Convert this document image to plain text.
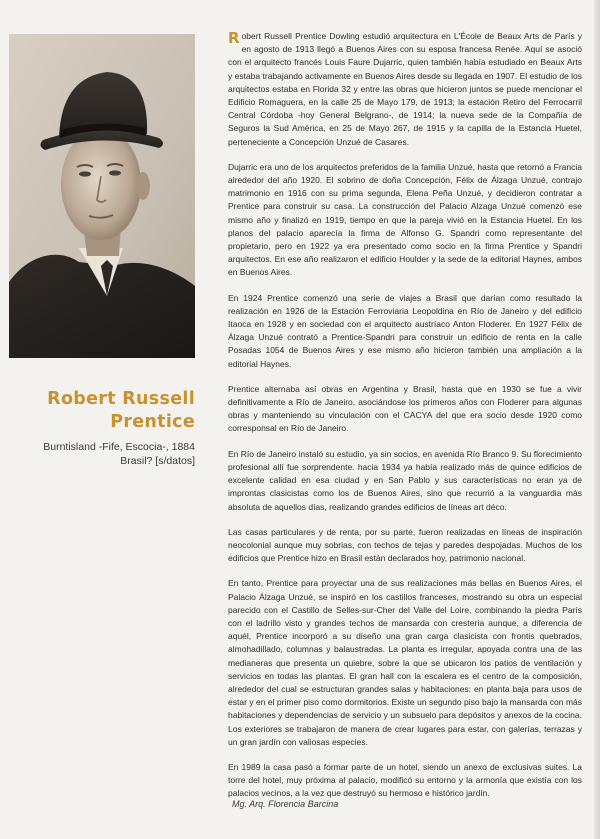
Robert Russell
Prentice
Burntisland -Fife, Escocia-, 1884
Brasil? [s/datos]

Robert Russell Prentice Dowling estudió arquitectura en L'École de Beaux Arts de París y en agosto de 1913 llegó a Buenos Aires con su esposa francesa Renée. Aquí se asoció con el arquitecto francés Louis Faure Dujarric, quien también había estudiado en Beaux Arts y estaba trabajando activamente en Buenos Aires desde su llegada en 1907. El estudio de los arquitectos estaba en Florida 32 y entre las obras que hicieron juntos se puede mencionar el Edificio Romaguera, en la calle 25 de Mayo 179, de 1913; la estación Retiro del Ferrocarril Central Córdoba -hoy General Belgrano-, de 1914; la nueva sede de la Compañía de Seguros la Sud América, en 25 de Mayo 267, de 1915 y la capilla de la Estancia Huetel, perteneciente a Concepción Unzué de Casares.

Dujarric era uno de los arquitectos preferidos de la familia Unzué, hasta que retornó a Francia alrededor del año 1920. El sobrino de doña Concepción, Félix de Álzaga Unzué, contrajo matrimonio en 1916 con su prima segunda, Elena Peña Unzué, y decidieron contratar a Prentice para construir su casa. La construcción del Palacio Alzaga Unzué comenzó ese mismo año y finalizó en 1919, tiempo en que la pareja vivió en la Estancia Huetel. En los planos del palacio aparecía la firma de Alfonso G. Spandri como representante del propietario, pero en 1922 ya era presentado como socio en la firma Prentice y Spandri arquitectos. En ese año realizaron el edificio Houlder y la sede de la editorial Haynes, ambos en Buenos Aires.

En 1924 Prentice comenzó una serie de viajes a Brasil que darían como resultado la realización en 1926 de la Estación Ferroviaria Leopoldina en Río de Janeiro y del edificio Itaoca en 1928 y en sociedad con el arquitecto austríaco Anton Floderer. En 1927 Félix de Álzaga Unzué contrató a Prentice-Spandri para construir un edificio de renta en la calle Posadas 1054 de Buenos Aires y ese mismo año hicieron también una ampliación a la editorial Haynes.

Prentice alternaba así obras en Argentina y Brasil, hasta que en 1930 se fue a vivir definitivamente a Río de Janeiro, asociándose los primeros años con Floderer para algunas obras y manteniendo su vinculación con el CACYA del que era socio desde 1920 como corresponsal en Río de Janeiro.

En Río de Janeiro instaló su estudio, ya sin socios, en avenida Río Branco 9. Su florecimiento profesional allí fue sorprendente. hacia 1934 ya había realizado más de quince edificios de excelente calidad en esa ciudad y en San Pablo y sus características no eran ya de improntas clasicistas como los de Buenos Aires, sino que recurrió a la vanguardia más absoluta de aquellos días, realizando grandes edificios de líneas art déco.

Las casas particulares y de renta, por su parte, fueron realizadas en líneas de inspiración neocolonial aunque muy sobrias, con techos de tejas y paredes despojadas. Muchos de los edificios que Prentice hizo en Brasil están declarados hoy, patrimonio nacional.

En tanto, Prentice para proyectar una de sus realizaciones más bellas en Buenos Aires, el Palacio Álzaga Unzué, se inspiró en los castillos franceses, mostrando su obra un especial parecido con el Castillo de Selles-sur-Cher del Valle del Loire, combinando la piedra París con el ladrillo visto y grandes techos de mansarda con crestería aunque, a diferencia de aquél, Prentice incorporó a su diseño una gran carga clasicista con frontis quebrados, almohadillado, columnas y balaustradas. La planta es irregular, apoyada contra una de las medianeras que presenta un quiebre, sobre la que se ubicaron los patios de ventilación y servicios en todas las plantas. El gran hall con la escalera es el centro de la composición, alrededor del cual se estructuran grandes salas y habitaciones: en planta baja para usos de estar y en el primer piso como dormitorios. Existe un segundo piso bajo la mansarda con más habitaciones y dependencias de servicio y un subsuelo para depósitos y anexos de la cocina. Los exteriores se trabajaron de manera de crear lugares para estar, con galerías, terrazas y un gran jardín con valiosas especies.

En 1989 la casa pasó a formar parte de un hotel, siendo un anexo de exclusivas suites. La torre del hotel, muy próxima al palacio, modificó su entorno y la armonía que existía con los palacios vecinos, a la vez que destruyó su hermoso e histórico jardín.

Mg. Arq. Florencia Barcina
